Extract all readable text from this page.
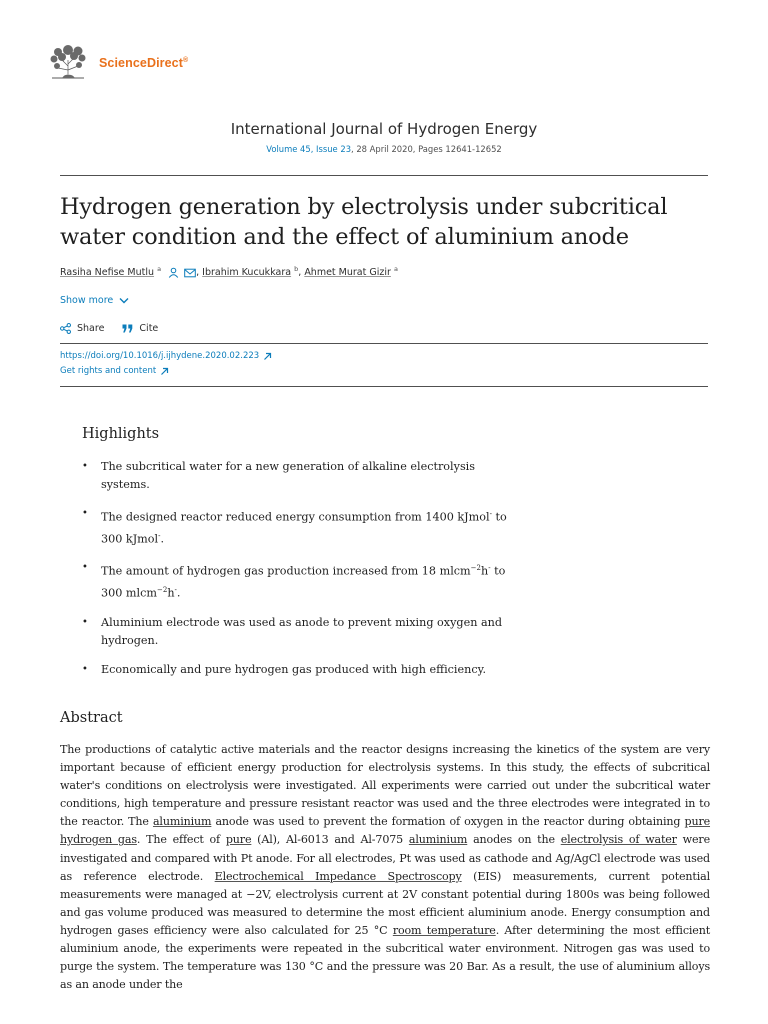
ScienceDirect®
International Journal of Hydrogen Energy
Volume 45, Issue 23, 28 April 2020, Pages 12641-12652
Hydrogen generation by electrolysis under subcritical
water condition and the effect of aluminium anode
Rasiha Nefise Mutlu $^a$	, Ibrahim Kucukkara $^b$, Ahmet Murat Gizir $^a$
Show more
Share	Cite
https://doi.org/10.1016/j.ijhydene.2020.02.223
Get rights and content
Highlights
• The subcritical water for a new generation of alkaline electrolysis systems.
• The designed reactor reduced energy consumption from 1400 kJmol- to 300 kJmol-.
• The amount of hydrogen gas production increased from 18 mlcm$^{-2}$h- to 300 mlcm$^{-2}$h-.
• Aluminium electrode was used as anode to prevent mixing oxygen and hydrogen.
• Economically and pure hydrogen gas produced with high efficiency.
Abstract
The productions of catalytic active materials and the reactor designs increasing the kinetics of the system are very important because of efficient energy production for electrolysis systems. In this study, the effects of subcritical water's conditions on electrolysis were investigated. All experiments were carried out under the subcritical water conditions, high temperature and pressure resistant reactor was used and the three electrodes were integrated in to the reactor. The aluminium anode was used to prevent the formation of oxygen in the reactor during obtaining pure hydrogen gas. The effect of pure (Al), Al-6013 and Al-7075 aluminium anodes on the electrolysis of water were investigated and compared with Pt anode. For all electrodes, Pt was used as cathode and Ag/AgCl electrode was used as reference electrode. Electrochemical Impedance Spectroscopy (EIS) measurements, current potential measurements were managed at −2V, electrolysis current at 2V constant potential during 1800s was being followed and gas volume produced was measured to determine the most efficient aluminium anode. Energy consumption and hydrogen gases efficiency were also calculated for 25 °C room temperature. After determining the most efficient aluminium anode, the experiments were repeated in the subcritical water environment. Nitrogen gas was used to purge the system. The temperature was 130 °C and the pressure was 20 Bar. As a result, the use of aluminium alloys as an anode under the
